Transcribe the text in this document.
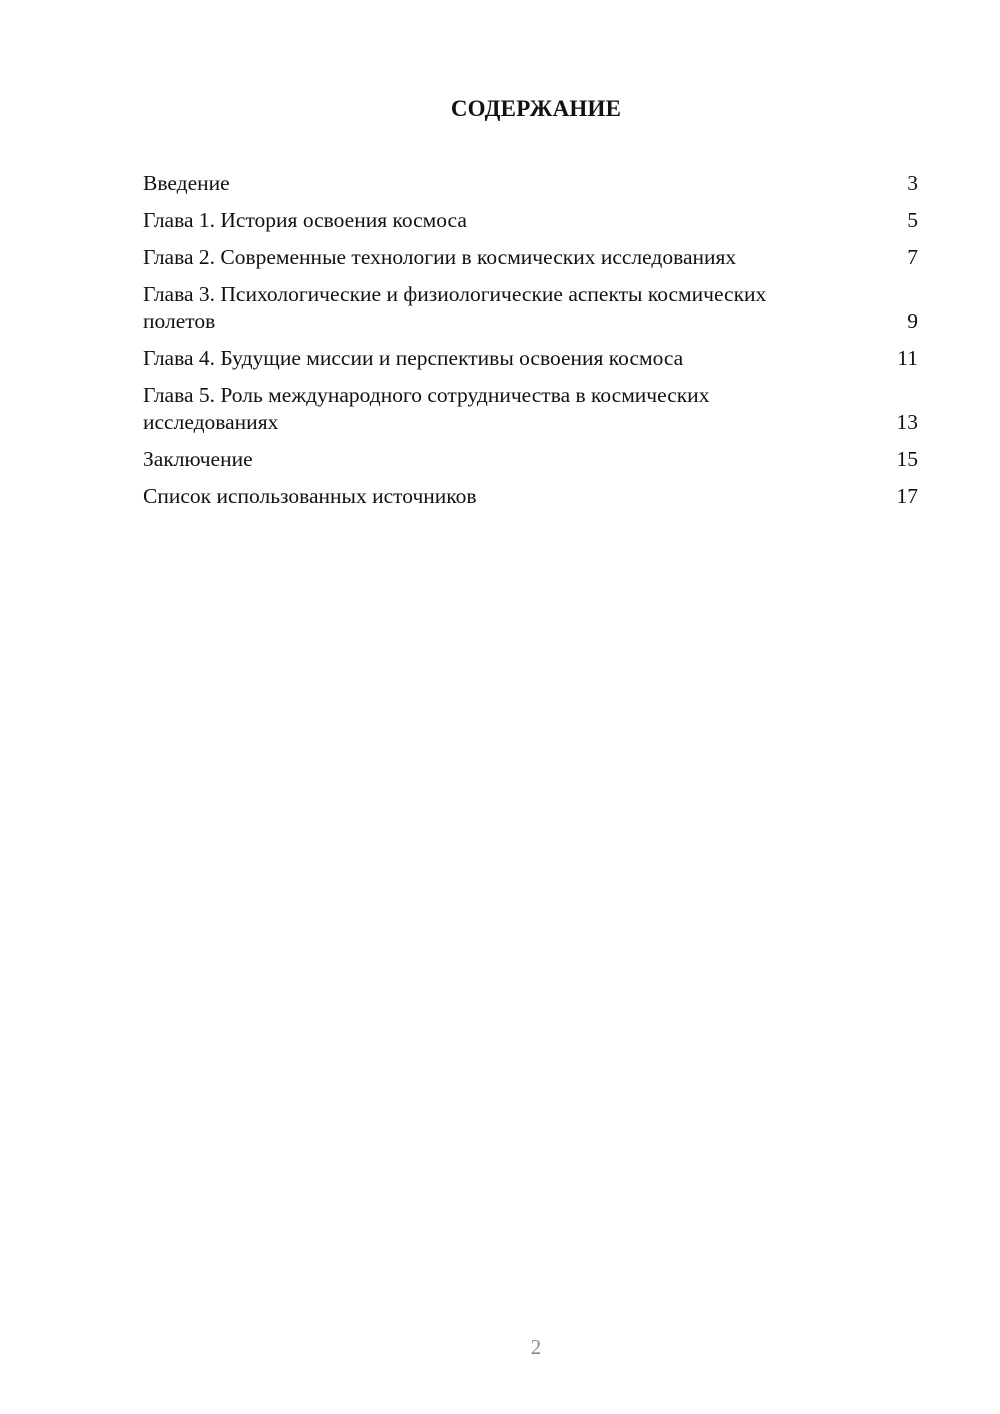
СОДЕРЖАНИЕ
Введение	3
Глава 1. История освоения космоса	5
Глава 2. Современные технологии в космических исследованиях	7
Глава 3. Психологические и физиологические аспекты космических полетов	9
Глава 4. Будущие миссии и перспективы освоения космоса	11
Глава 5. Роль международного сотрудничества в космических исследованиях	13
Заключение	15
Список использованных источников	17
2
